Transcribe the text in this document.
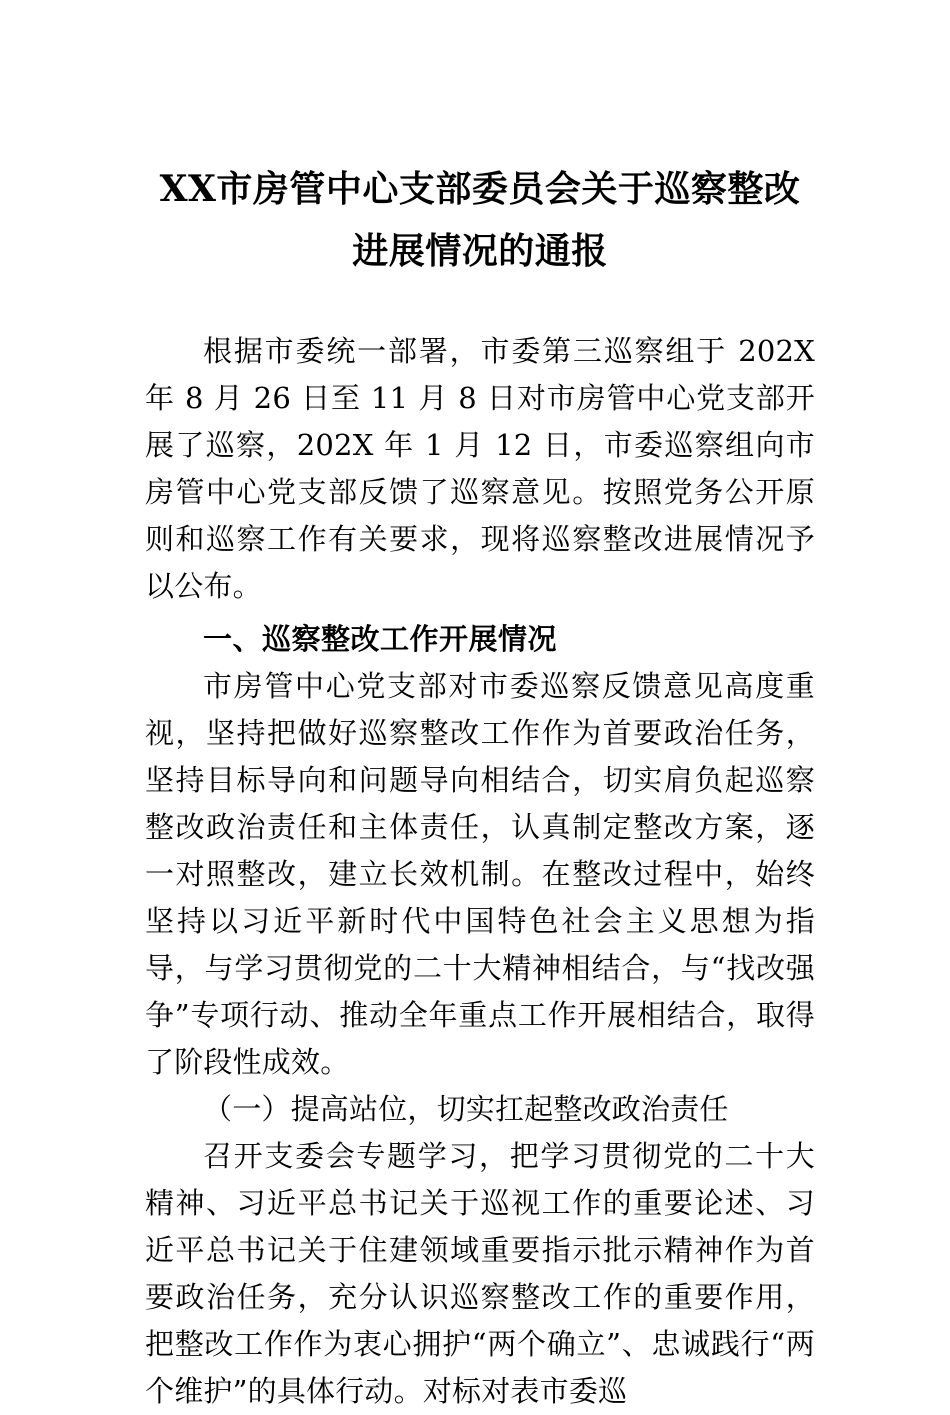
XX市房管中心支部委员会关于巡察整改进展情况的通报

根据市委统一部署，市委第三巡察组于 202X 年 8 月 26 日至 11 月 8 日对市房管中心党支部开展了巡察，202X 年 1 月 12 日，市委巡察组向市房管中心党支部反馈了巡察意见。按照党务公开原则和巡察工作有关要求，现将巡察整改进展情况予以公布。

一、巡察整改工作开展情况

市房管中心党支部对市委巡察反馈意见高度重视，坚持把做好巡察整改工作作为首要政治任务，坚持目标导向和问题导向相结合，切实肩负起巡察整改政治责任和主体责任，认真制定整改方案，逐一对照整改，建立长效机制。在整改过程中，始终坚持以习近平新时代中国特色社会主义思想为指导，与学习贯彻党的二十大精神相结合，与“找改强争”专项行动、推动全年重点工作开展相结合，取得了阶段性成效。

（一）提高站位，切实扛起整改政治责任

召开支委会专题学习，把学习贯彻党的二十大精神、习近平总书记关于巡视工作的重要论述、习近平总书记关于住建领域重要指示批示精神作为首要政治任务，充分认识巡察整改工作的重要作用，把整改工作作为衷心拥护“两个确立”、忠诚践行“两个维护”的具体行动。对标对表市委巡
